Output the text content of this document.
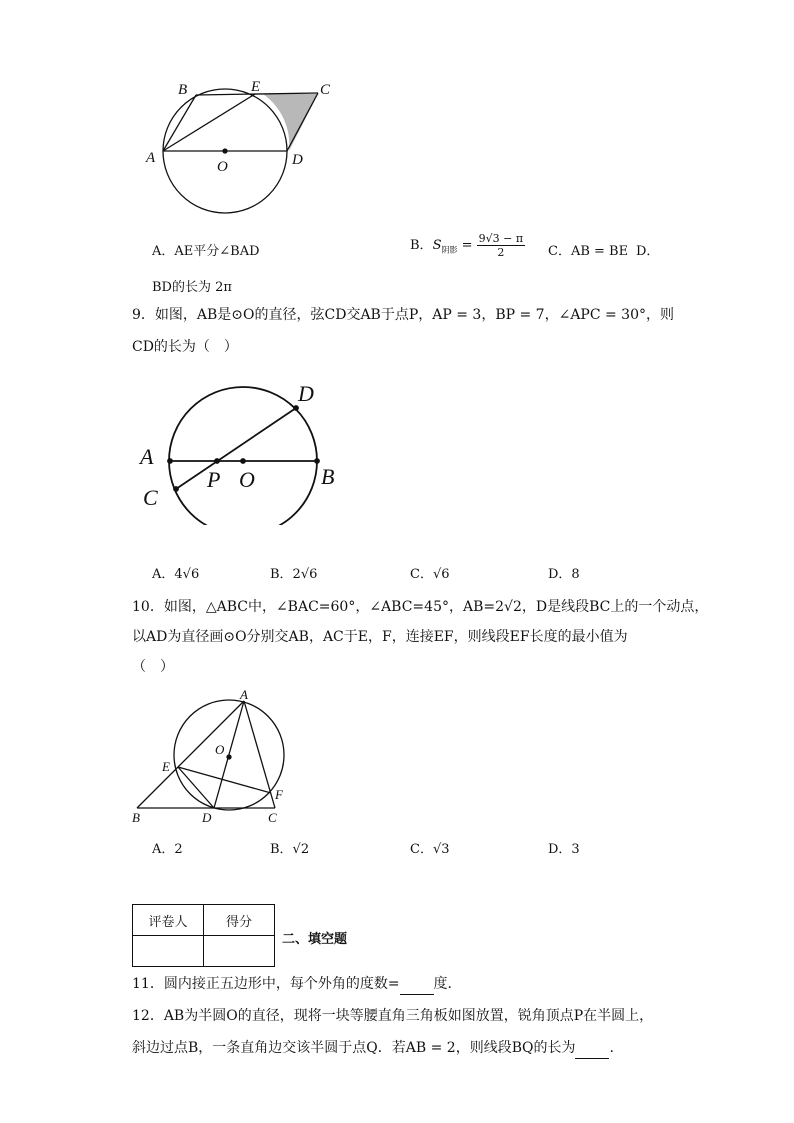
B	E	C
A
O	D
A．AE平分∠BAD	B．$S_{阴影} = \frac{9√3 - \pi}{2}$ C．AB = BE D．
BD的长为 2π
9．如图，AB是⊙O的直径，弦CD交AB于点P，AP = 3，BP = 7，∠APC = 30°，则
CD的长为（　）
D
A
P O	B
C
A．4√6	B．2√6	C．√6	D．8
10．如图，△ABC中，∠BAC=60°，∠ABC=45°，AB=2√2，D是线段BC上的一个动点，
以AD为直径画⊙O分别交AB，AC于E，F，连接EF，则线段EF长度的最小值为
（　）
A
O
E
F
B	D	C
A．2	B．√2	C．√3	D．3
评卷人	得分

二、填空题
11．圆内接正五边形中，每个外角的度数= 度.
12．AB为半圆O的直径，现将一块等腰直角三角板如图放置，锐角顶点P在半圆上，
斜边过点B，一条直角边交该半圆于点Q．若AB = 2，则线段BQ的长为 .
